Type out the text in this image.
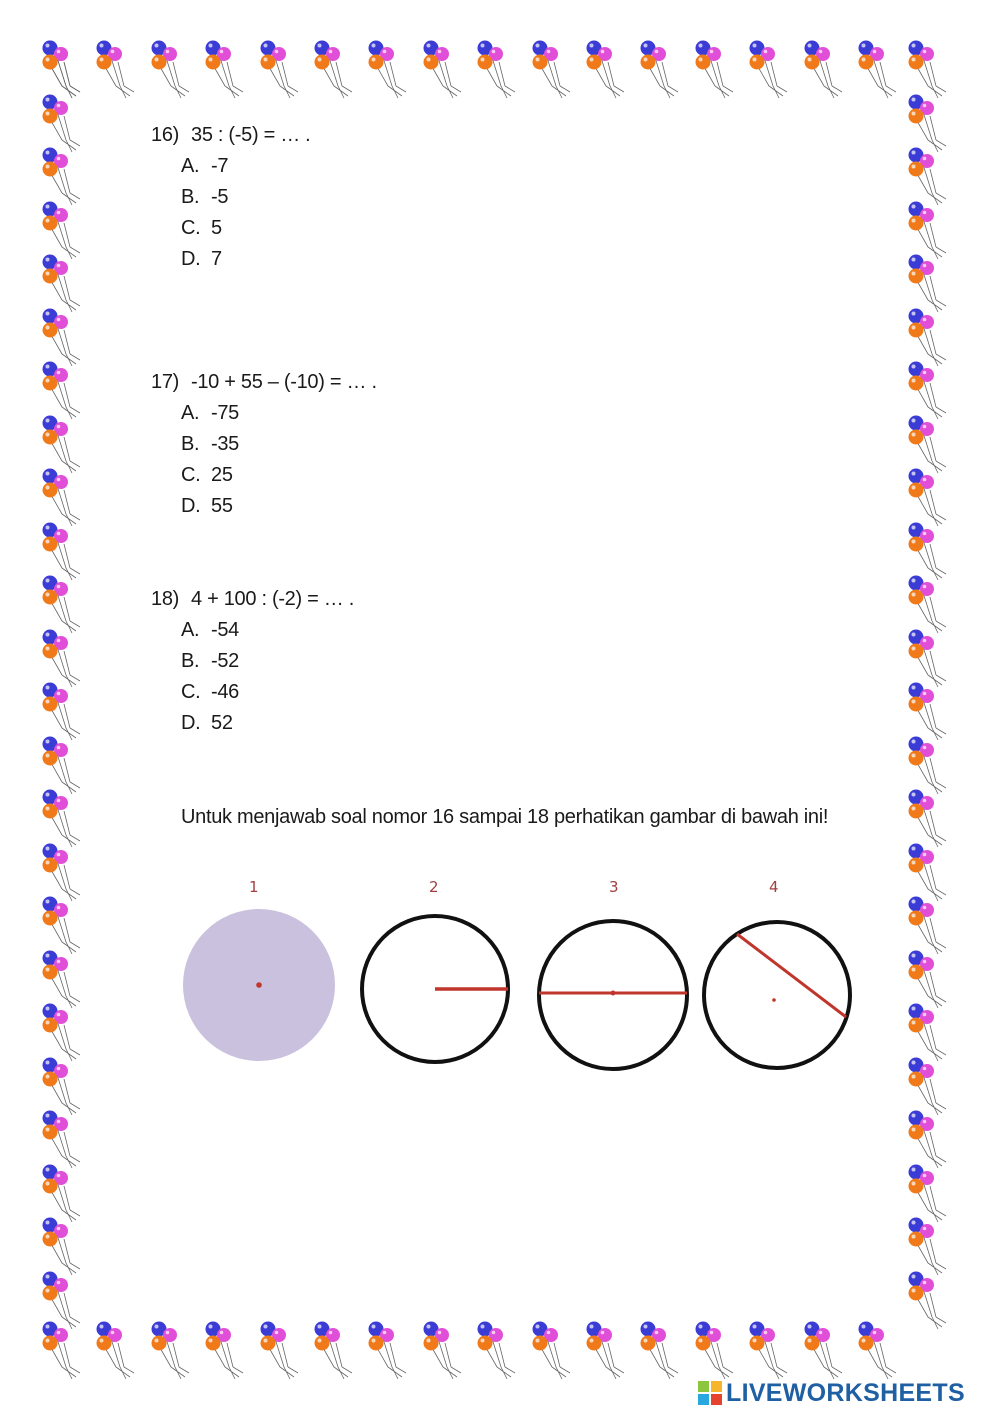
16) 35 : (-5) = … .
A. -7
B. -5
C. 5
D. 7
17) -10 + 55 – (-10) = … .
A. -75
B. -35
C. 25
D. 55
18) 4 + 100 : (-2) = … .
A. -54
B. -52
C. -46
D. 52
Untuk menjawab soal nomor 16 sampai 18 perhatikan gambar di bawah ini!
1	2	3	4
LIVEWORKSHEETS
